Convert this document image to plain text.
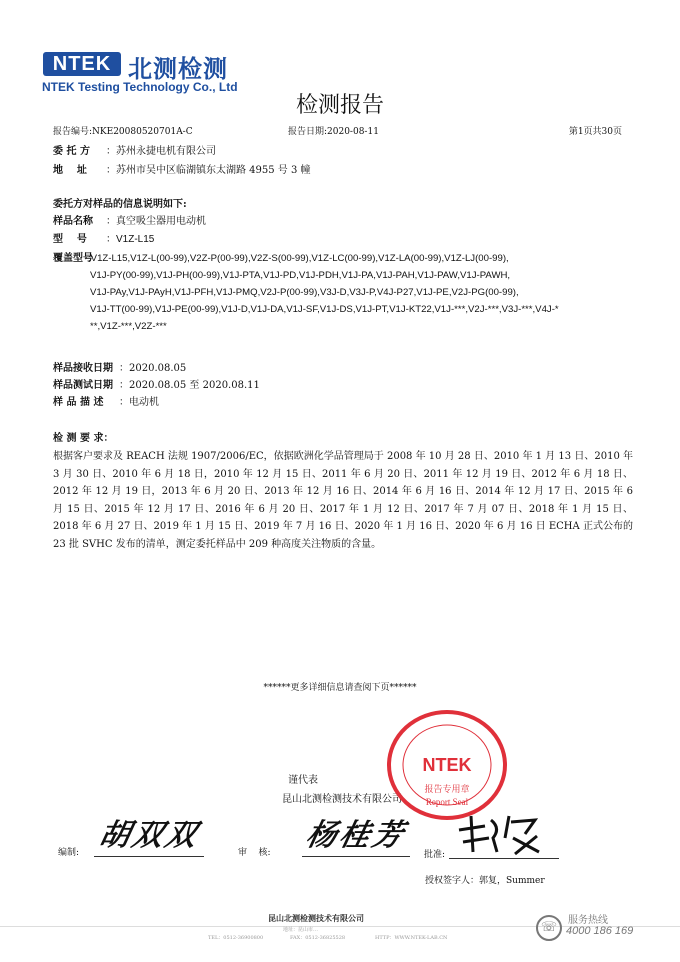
NTEK 北测检测
NTEK Testing Technology Co., Ltd
检测报告
报告编号:NKE20080520701A-C	报告日期:2020-08-11	第1页共30页
委 托 方 ：苏州永捷电机有限公司
地    址 ：苏州市吴中区临湖镇东太湖路 4955 号 3 幢
委托方对样品的信息说明如下:
样品名称 ：真空吸尘器用电动机
型    号 ：V1Z-L15
覆盖型号
:V1Z-L15,V1Z-L(00-99),V2Z-P(00-99),V2Z-S(00-99),V1Z-LC(00-99),V1Z-LA(00-99),V1Z-LJ(00-99),
V1J-PY(00-99),V1J-PH(00-99),V1J-PTA,V1J-PD,V1J-PDH,V1J-PA,V1J-PAH,V1J-PAW,V1J-PAWH,
V1J-PAy,V1J-PAyH,V1J-PFH,V1J-PMQ,V2J-P(00-99),V3J-D,V3J-P,V4J-P27,V1J-PE,V2J-PG(00-99),
V1J-TT(00-99),V1J-PE(00-99),V1J-D,V1J-DA,V1J-SF,V1J-DS,V1J-PT,V1J-KT22,V1J-***,V2J-***,V3J-***,V4J-*
**,V1Z-***,V2Z-***
样品接收日期 ：2020.08.05
样品测试日期 ：2020.08.05 至 2020.08.11
样 品 描 述 ：电动机
检 测 要 求：
根据客户要求及 REACH 法规 1907/2006/EC，依据欧洲化学品管理局于 2008 年 10 月 28 日、2010 年 1 月 13 日、2010 年 3 月 30 日、2010 年 6 月 18 日，2010 年 12 月 15 日、2011 年 6 月 20 日、2011 年 12 月 19 日、2012 年 6 月 18 日、2012 年 12 月 19 日，2013 年 6 月 20 日、2013 年 12 月 16 日、2014 年 6 月 16 日、2014 年 12 月 17 日、2015 年 6 月 15 日、2015 年 12 月 17 日、2016 年 6 月 20 日、2017 年 1 月 12 日、2017 年 7 月 07 日、2018 年 1 月 15 日、2018 年 6 月 27 日、2019 年 1 月 15 日、2019 年 7 月 16 日、2020 年 1 月 16 日、2020 年 6 月 16 日 ECHA 正式公布的 23 批 SVHC 发布的清单，测定委托样品中 209 种高度关注物质的含量。
******更多详细信息请查阅下页******
谨代表
昆山北测检测技术有限公司
NTEK
报告专用章
Report Seal
编制: 胡双双	审    核: 杨桂芳
批准:
授权签字人：郭复，Summer
昆山北测检测技术有限公司
地址：昆山市…
TEL：0512-36900800	FAX：0512-36825528	HTTP：WWW.NTEK-LAB.CN
☏	服务热线
4000 186 169
